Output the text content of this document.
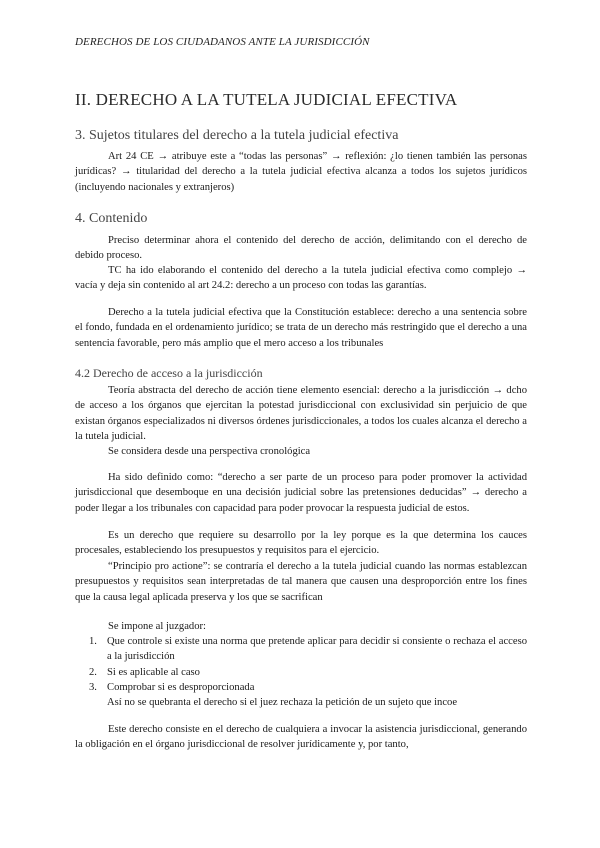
DERECHOS DE LOS CIUDADANOS ANTE LA JURISDICCIÓN
II. DERECHO A LA TUTELA JUDICIAL EFECTIVA
3. Sujetos titulares del derecho a la tutela judicial efectiva
Art 24 CE → atribuye este a “todas las personas” → reflexión: ¿lo tienen también las personas jurídicas? → titularidad del derecho a la tutela judicial efectiva alcanza a todos los sujetos jurídicos (incluyendo nacionales y extranjeros)
4. Contenido
Preciso determinar ahora el contenido del derecho de acción, delimitando con el derecho de debido proceso.
TC ha ido elaborando el contenido del derecho a la tutela judicial efectiva como complejo → vacía y deja sin contenido al art 24.2: derecho a un proceso con todas las garantías.
Derecho a la tutela judicial efectiva que la Constitución establece: derecho a una sentencia sobre el fondo, fundada en el ordenamiento jurídico; se trata de un derecho más restringido que el derecho a una sentencia favorable, pero más amplio que el mero acceso a los tribunales
4.2 Derecho de acceso a la jurisdicción
Teoría abstracta del derecho de acción tiene elemento esencial: derecho a la jurisdicción → dcho de acceso a los órganos que ejercitan la potestad jurisdiccional con exclusividad sin perjuicio de que existan órganos especializados ni diversos órdenes jurisdiccionales, a todos los cuales alcanza el derecho a la tutela judicial.
Se considera desde una perspectiva cronológica
Ha sido definido como: “derecho a ser parte de un proceso para poder promover la actividad jurisdiccional que desemboque en una decisión judicial sobre las pretensiones deducidas” → derecho a poder llegar a los tribunales con capacidad para poder provocar la respuesta judicial de estos.
Es un derecho que requiere su desarrollo por la ley porque es la que determina los cauces procesales, estableciendo los presupuestos y requisitos para el ejercicio.
“Principio pro actione”: se contraría el derecho a la tutela judicial cuando las normas establezcan presupuestos y requisitos sean interpretadas de tal manera que causen una desproporción entre los fines que la causa legal aplicada preserva y los que se sacrifican
Se impone al juzgador:
1. Que controle si existe una norma que pretende aplicar para decidir si consiente o rechaza el acceso a la jurisdicción
2. Si es aplicable al caso
3. Comprobar si es desproporcionada
Así no se quebranta el derecho si el juez rechaza la petición de un sujeto que incoe
Este derecho consiste en el derecho de cualquiera a invocar la asistencia jurisdiccional, generando la obligación en el órgano jurisdiccional de resolver jurídicamente y, por tanto,
